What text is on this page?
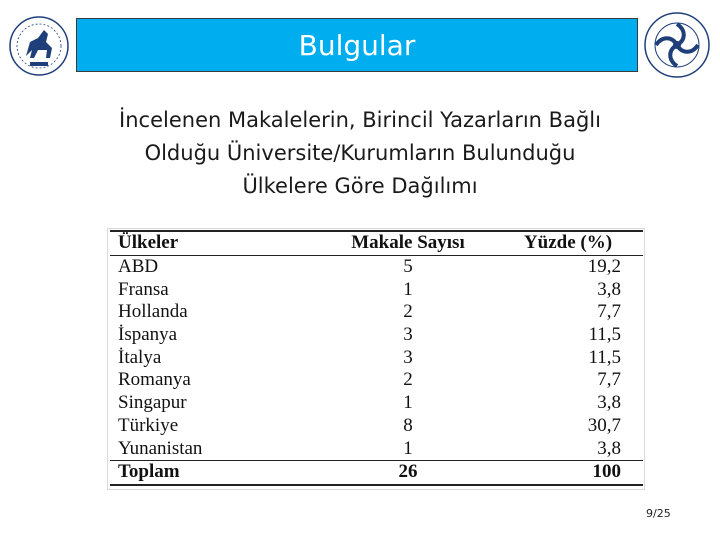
Bulgular
İncelenen Makalelerin, Birincil Yazarların Bağlı
Olduğu Üniversite/Kurumların Bulunduğu
Ülkelere Göre Dağılımı
Ülkeler	Makale Sayısı	Yüzde (%)
ABD	5	19,2
Fransa	1	3,8
Hollanda	2	7,7
İspanya	3	11,5
İtalya	3	11,5
Romanya	2	7,7
Singapur	1	3,8
Türkiye	8	30,7
Yunanistan	1	3,8
Toplam	26	100
9/25
